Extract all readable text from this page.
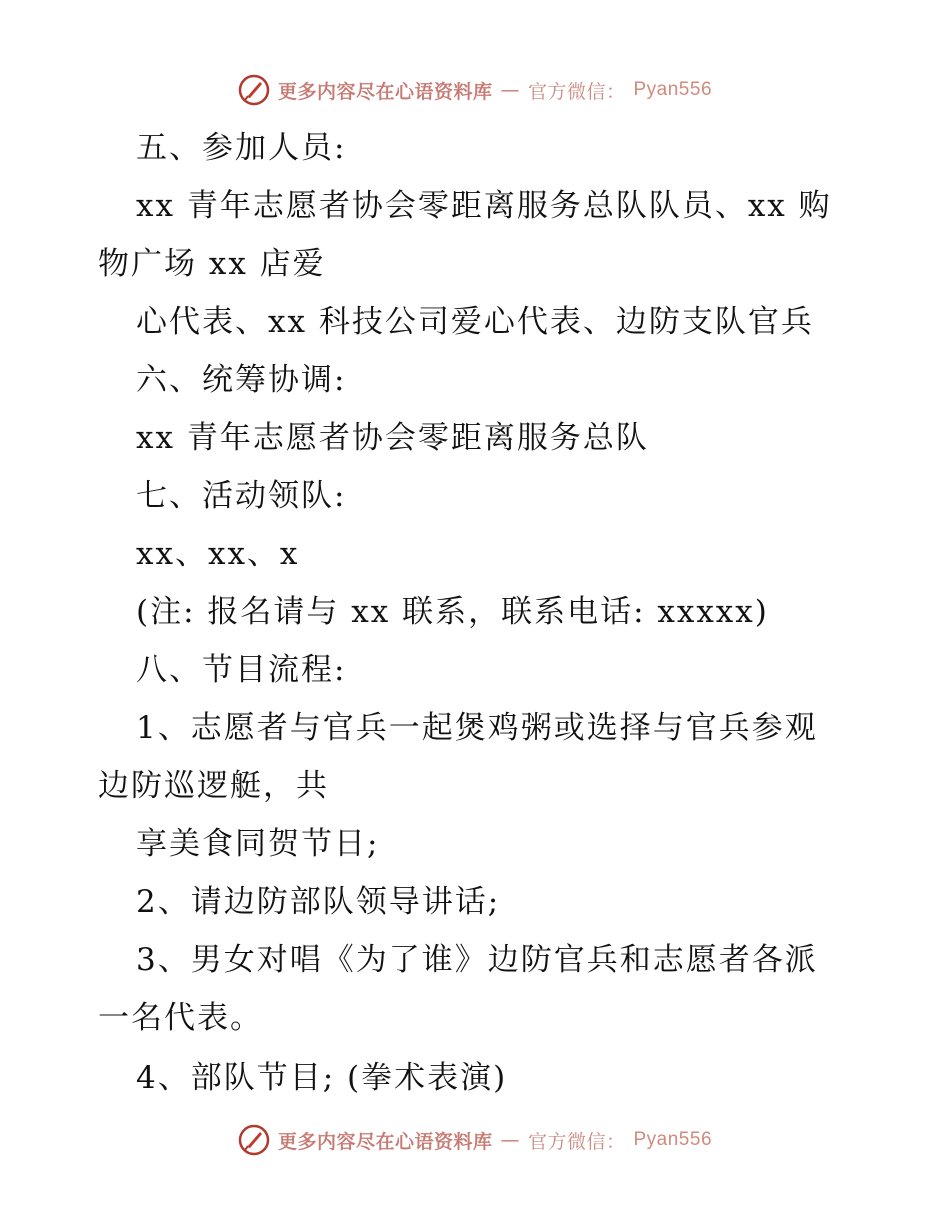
更多内容尽在心语资料库 — 官方微信： Pyan556
五、参加人员:
xx 青年志愿者协会零距离服务总队队员、xx 购
物广场 xx 店爱
心代表、xx 科技公司爱心代表、边防支队官兵
六、统筹协调:
xx 青年志愿者协会零距离服务总队
七、活动领队:
xx、xx、x
(注: 报名请与 xx 联系，联系电话: xxxxx)
八、节目流程:
1、志愿者与官兵一起煲鸡粥或选择与官兵参观
边防巡逻艇，共
享美食同贺节日;
2、请边防部队领导讲话;
3、男女对唱《为了谁》边防官兵和志愿者各派
一名代表。
4、部队节目; (拳术表演)
更多内容尽在心语资料库 — 官方微信： Pyan556
